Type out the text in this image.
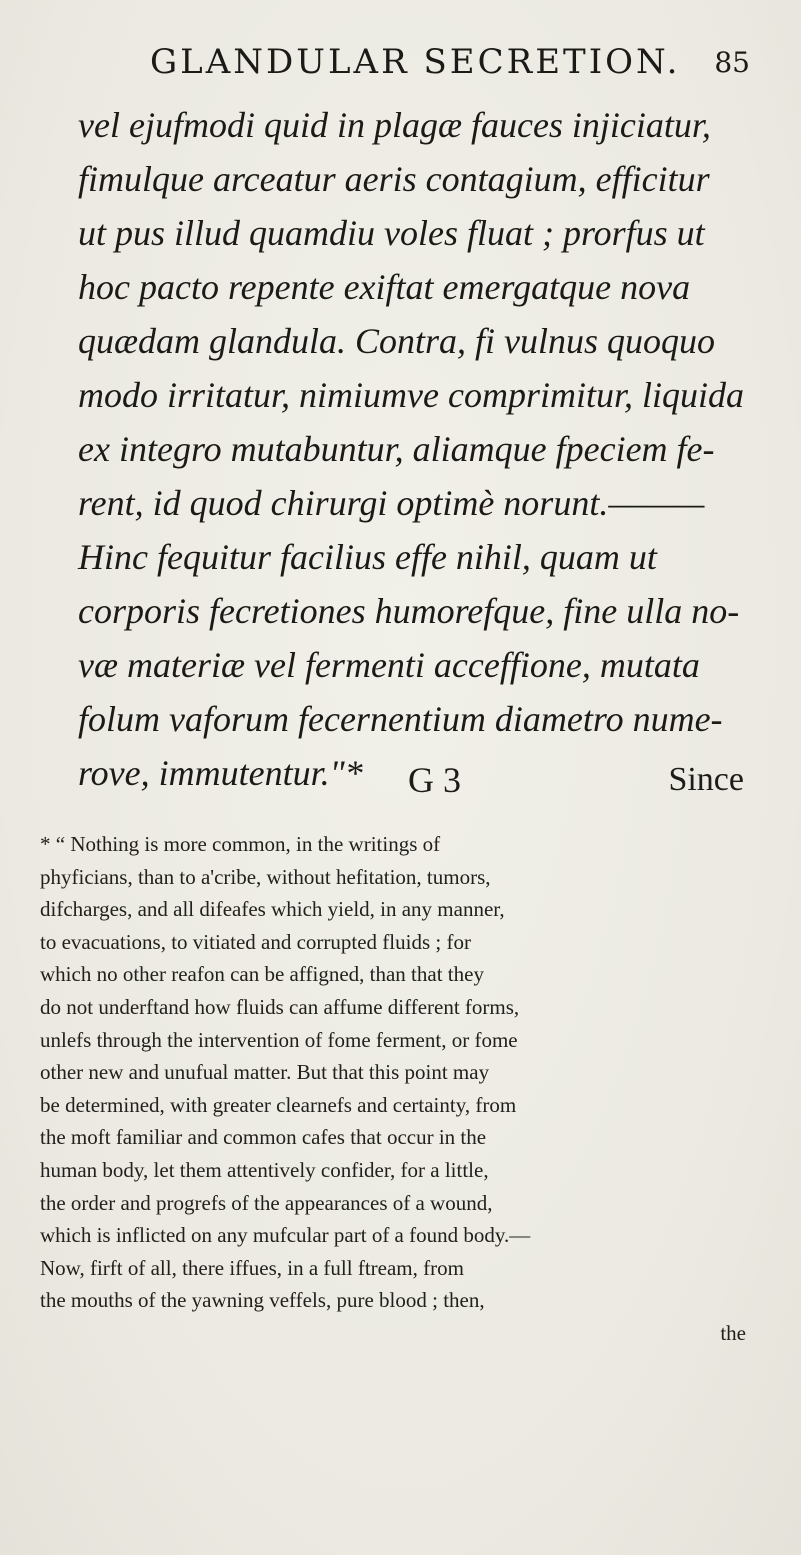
GLANDULAR SECRETION. 85
vel ejufmodi quid in plagæ fauces injiciatur,
fimulque arceatur aeris contagium, efficitur
ut pus illud quamdiu voles fluat ; prorfus ut
hoc pacto repente exiftat emergatque nova
quædam glandula. Contra, fi vulnus quoquo
modo irritatur, nimiumve comprimitur, liquida
ex integro mutabuntur, aliamque fpeciem fe-
rent, id quod chirurgi optimè norunt.———
Hinc fequitur facilius effe nihil, quam ut
corporis fecretiones humorefque, fine ulla no-
væ materiæ vel fermenti acceffione, mutata
folum vaforum fecernentium diametro nume-
rove, immutentur."*	G 3	Since
* “ Nothing is more common, in the writings of
phyficians, than to a'cribe, without hefitation, tumors,
difcharges, and all difeafes which yield, in any manner,
to evacuations, to vitiated and corrupted fluids ; for
which no other reafon can be affigned, than that they
do not underftand how fluids can affume different forms,
unlefs through the intervention of fome ferment, or fome
other new and unufual matter. But that this point may
be determined, with greater clearnefs and certainty, from
the moft familiar and common cafes that occur in the
human body, let them attentively confider, for a little,
the order and progrefs of the appearances of a wound,
which is inflicted on any mufcular part of a found body.—
Now, firft of all, there iffues, in a full ftream, from
the mouths of the yawning veffels, pure blood ; then,
the
